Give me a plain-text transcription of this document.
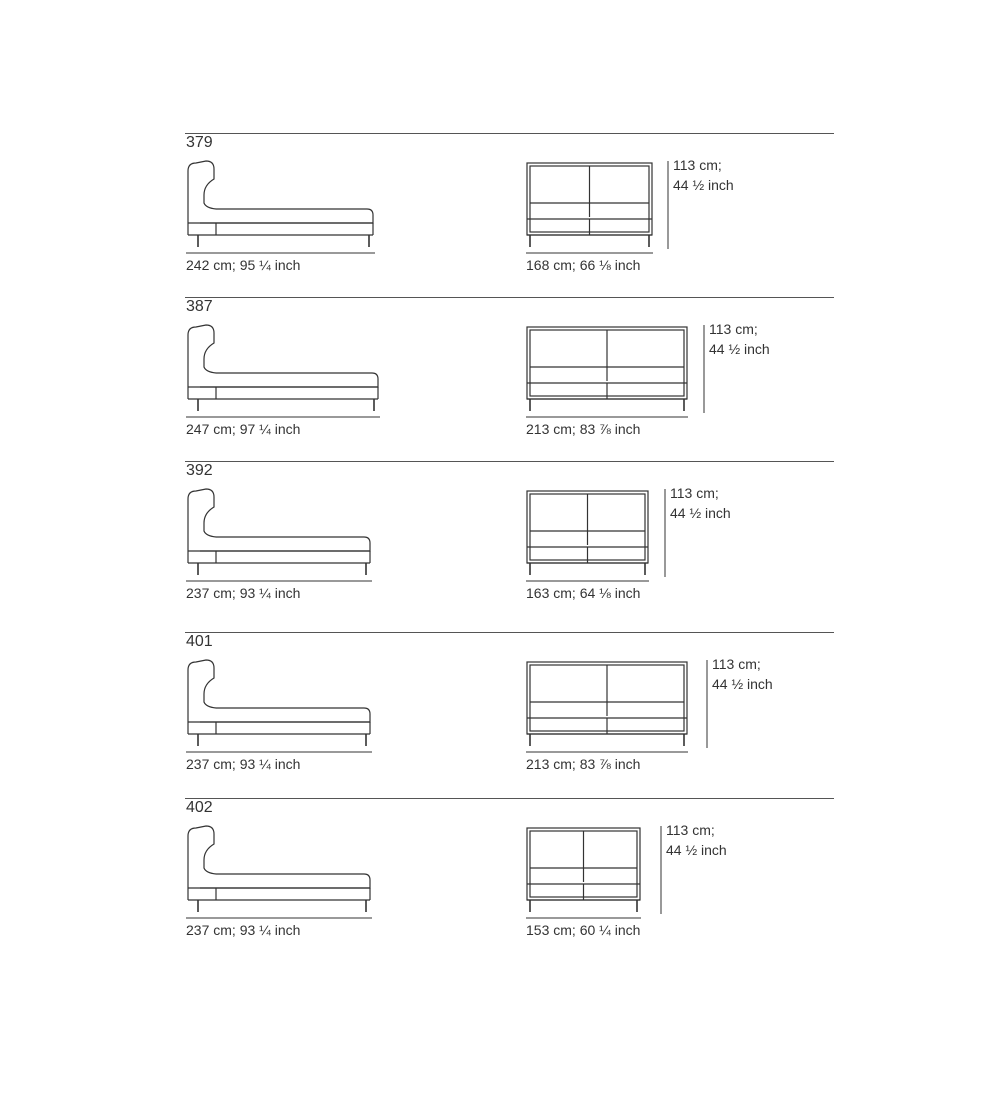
379
242 cm; 95 ¼ inch	168 cm; 66 ⅛ inch
113 cm;
44 ½ inch
387
247 cm; 97 ¼ inch	213 cm; 83 ⅞ inch
113 cm;
44 ½ inch
392
237 cm; 93 ¼ inch	163 cm; 64 ⅛ inch
113 cm;
44 ½ inch
401
237 cm; 93 ¼ inch	213 cm; 83 ⅞ inch
113 cm;
44 ½ inch
402
237 cm; 93 ¼ inch	153 cm; 60 ¼ inch
113 cm;
44 ½ inch
